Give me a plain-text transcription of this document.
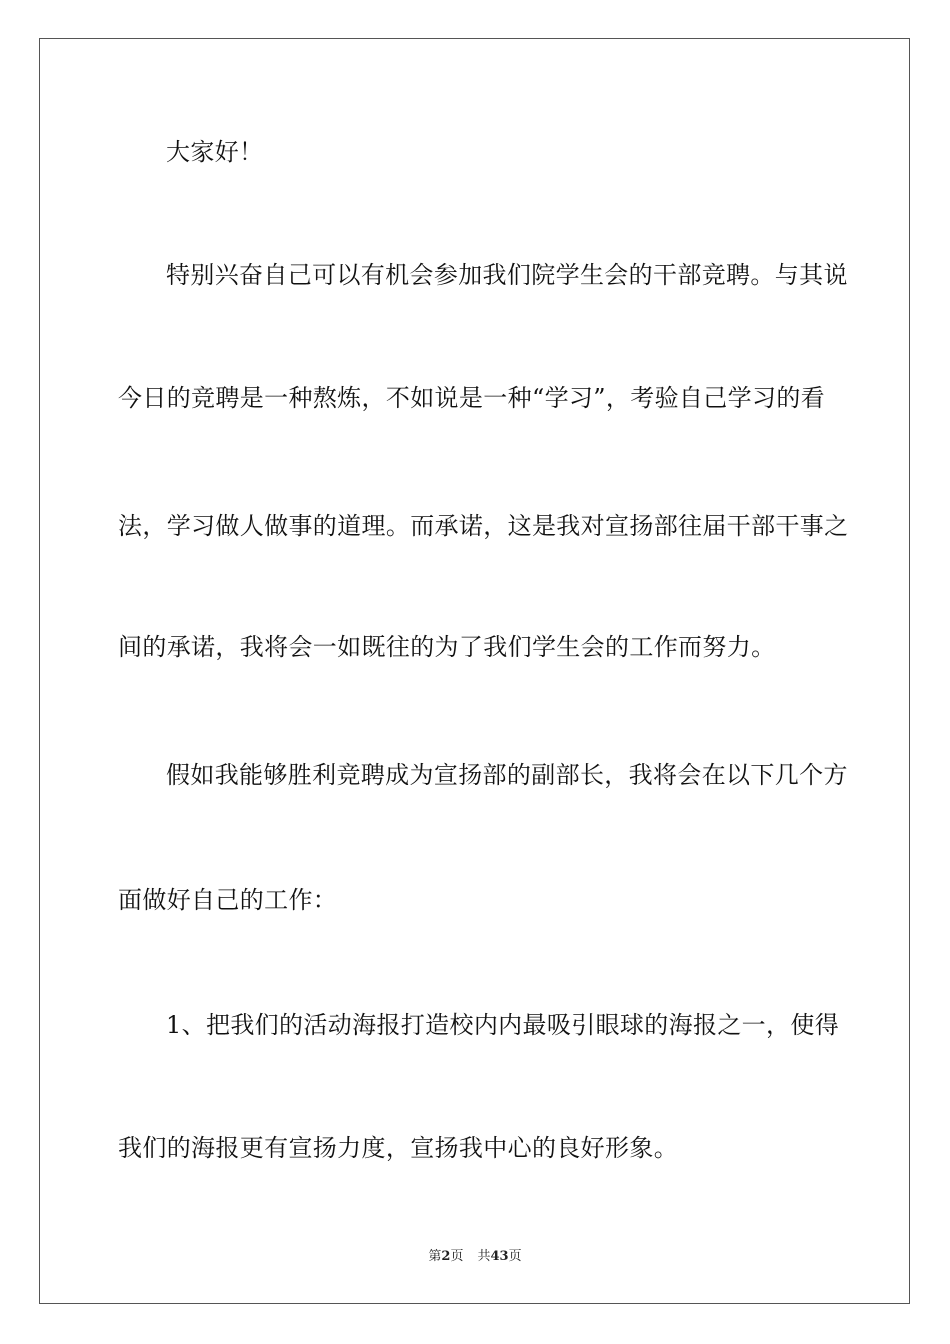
大家好！
特别兴奋自己可以有机会参加我们院学生会的干部竞聘。与其说
今日的竞聘是一种熬炼，不如说是一种“学习”，考验自己学习的看
法，学习做人做事的道理。而承诺，这是我对宣扬部往届干部干事之
间的承诺，我将会一如既往的为了我们学生会的工作而努力。
假如我能够胜利竞聘成为宣扬部的副部长，我将会在以下几个方
面做好自己的工作：
1、把我们的活动海报打造校内内最吸引眼球的海报之一，使得
我们的海报更有宣扬力度，宣扬我中心的良好形象。
第2页 共43页
